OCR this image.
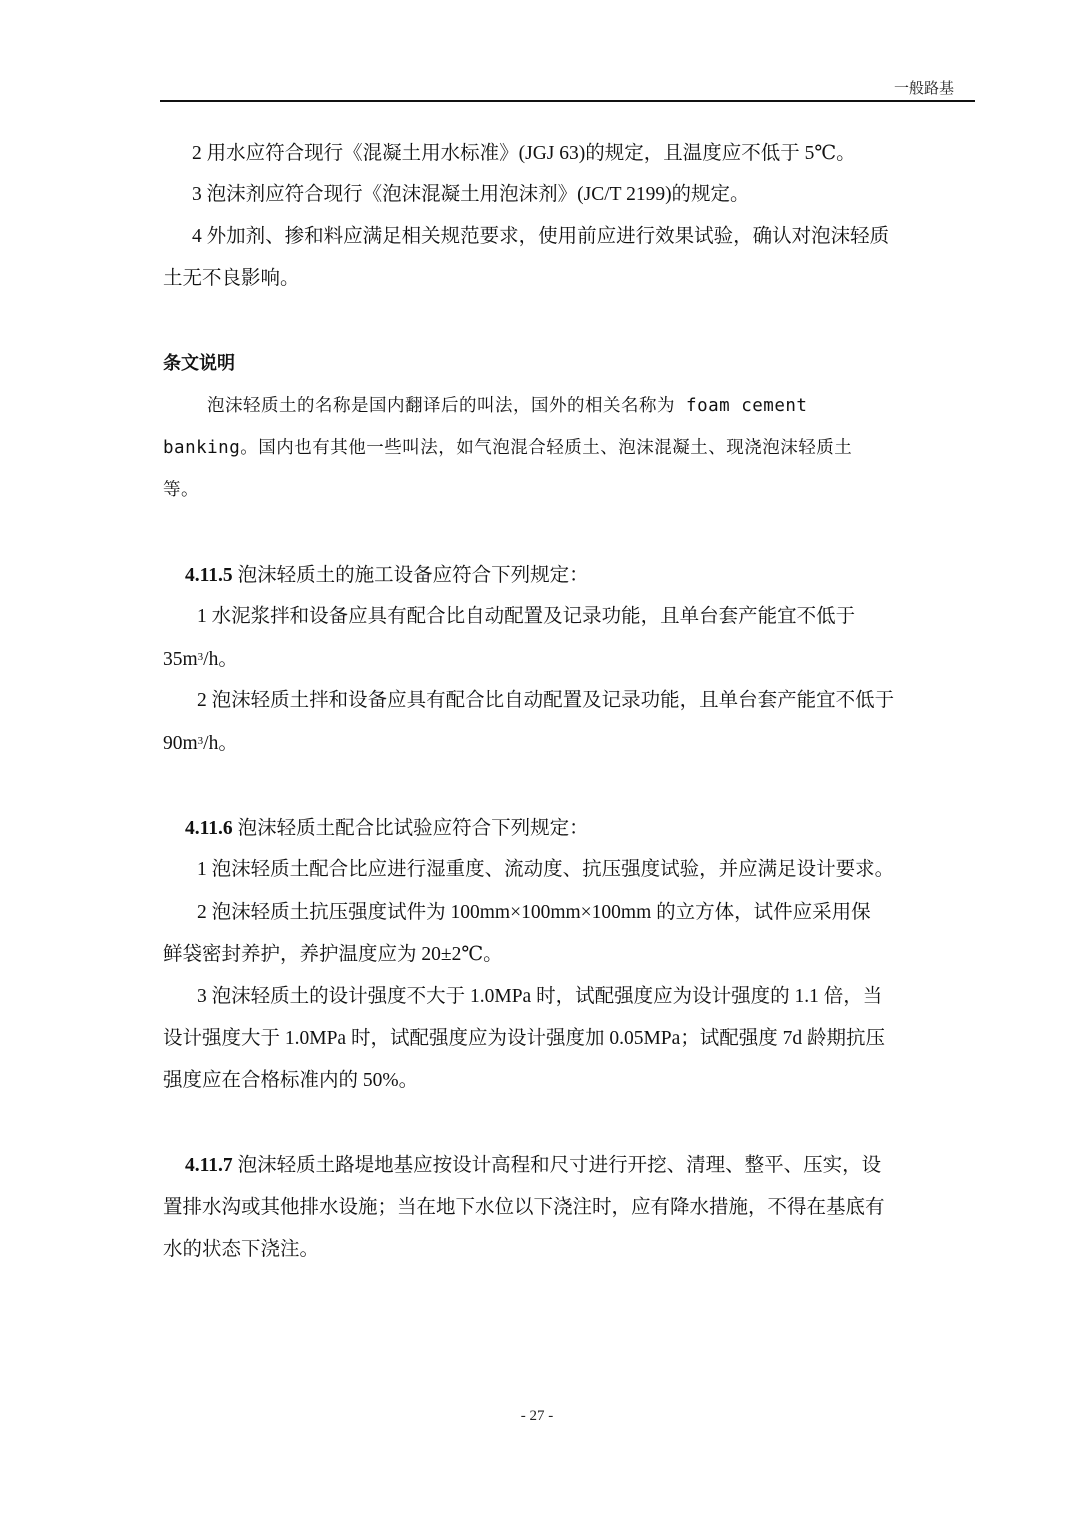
一般路基
2 用水应符合现行《混凝土用水标准》(JGJ 63)的规定，且温度应不低于 5℃。
3 泡沫剂应符合现行《泡沫混凝土用泡沫剂》(JC/T 2199)的规定。
4 外加剂、掺和料应满足相关规范要求，使用前应进行效果试验，确认对泡沫轻质
土无不良影响。
条文说明
泡沫轻质土的名称是国内翻译后的叫法，国外的相关名称为 foam cement
banking。国内也有其他一些叫法，如气泡混合轻质土、泡沫混凝土、现浇泡沫轻质土
等。
4.11.5 泡沫轻质土的施工设备应符合下列规定：
1 水泥浆拌和设备应具有配合比自动配置及记录功能，且单台套产能宜不低于
$35m^3/h$。
2 泡沫轻质土拌和设备应具有配合比自动配置及记录功能，且单台套产能宜不低于
$90m^3/h$。
4.11.6 泡沫轻质土配合比试验应符合下列规定：
1 泡沫轻质土配合比应进行湿重度、流动度、抗压强度试验，并应满足设计要求。
2 泡沫轻质土抗压强度试件为 100mm×100mm×100mm 的立方体，试件应采用保
鲜袋密封养护，养护温度应为 20±2℃。
3 泡沫轻质土的设计强度不大于 1.0MPa 时，试配强度应为设计强度的 1.1 倍，当
设计强度大于 1.0MPa 时，试配强度应为设计强度加 0.05MPa；试配强度 7d 龄期抗压
强度应在合格标准内的 50%。
4.11.7 泡沫轻质土路堤地基应按设计高程和尺寸进行开挖、清理、整平、压实，设
置排水沟或其他排水设施；当在地下水位以下浇注时，应有降水措施，不得在基底有
水的状态下浇注。
- 27 -
